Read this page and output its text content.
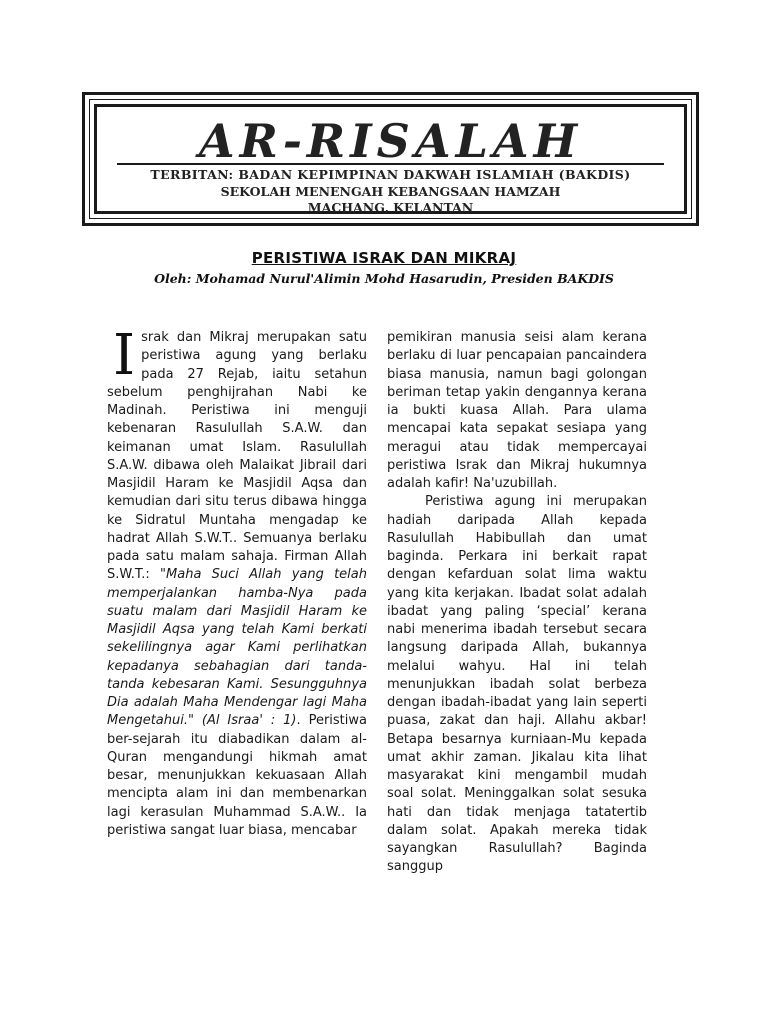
AR-RISALAH
TERBITAN: BADAN KEPIMPINAN DAKWAH ISLAMIAH (BAKDIS)
SEKOLAH MENENGAH KEBANGSAAN HAMZAH
MACHANG, KELANTAN
PERISTIWA ISRAK DAN MIKRAJ
Oleh: Mohamad Nurul'Alimin Mohd Hasarudin, Presiden BAKDIS

Israk dan Mikraj merupakan satu peristiwa agung yang berlaku pada 27 Rejab, iaitu setahun sebelum penghijrahan Nabi ke Madinah. Peristiwa ini menguji kebenaran Rasulullah S.A.W. dan keimanan umat Islam. Rasulullah S.A.W. dibawa oleh Malaikat Jibrail dari Masjidil Haram ke Masjidil Aqsa dan kemudian dari situ terus dibawa hingga ke Sidratul Muntaha mengadap ke hadrat Allah S.W.T.. Semuanya berlaku pada satu malam sahaja. Firman Allah S.W.T.: "Maha Suci Allah yang telah memperjalankan hamba-Nya pada suatu malam dari Masjidil Haram ke Masjidil Aqsa yang telah Kami berkati sekelilingnya agar Kami perlihatkan kepadanya sebahagian dari tanda-tanda kebesaran Kami. Sesungguhnya Dia adalah Maha Mendengar lagi Maha Mengetahui." (Al Israa' : 1). Peristiwa ber-sejarah itu diabadikan dalam al-Quran mengandungi hikmah amat besar, menunjukkan kekuasaan Allah mencipta alam ini dan membenarkan lagi kerasulan Muhammad S.A.W.. Ia peristiwa sangat luar biasa, mencabar

pemikiran manusia seisi alam kerana berlaku di luar pencapaian pancaindera biasa manusia, namun bagi golongan beriman tetap yakin dengannya kerana ia bukti kuasa Allah. Para ulama mencapai kata sepakat sesiapa yang meragui atau tidak mempercayai peristiwa Israk dan Mikraj hukumnya adalah kafir! Na'uzubillah.

Peristiwa agung ini merupakan hadiah daripada Allah kepada Rasulullah Habibullah dan umat baginda. Perkara ini berkait rapat dengan kefarduan solat lima waktu yang kita kerjakan. Ibadat solat adalah ibadat yang paling ‘special’ kerana nabi menerima ibadah tersebut secara langsung daripada Allah, bukannya melalui wahyu. Hal ini telah menunjukkan ibadah solat berbeza dengan ibadah-ibadat yang lain seperti puasa, zakat dan haji. Allahu akbar! Betapa besarnya kurniaan-Mu kepada umat akhir zaman. Jikalau kita lihat masyarakat kini mengambil mudah soal solat. Meninggalkan solat sesuka hati dan tidak menjaga tatatertib dalam solat. Apakah mereka tidak sayangkan Rasulullah? Baginda sanggup
